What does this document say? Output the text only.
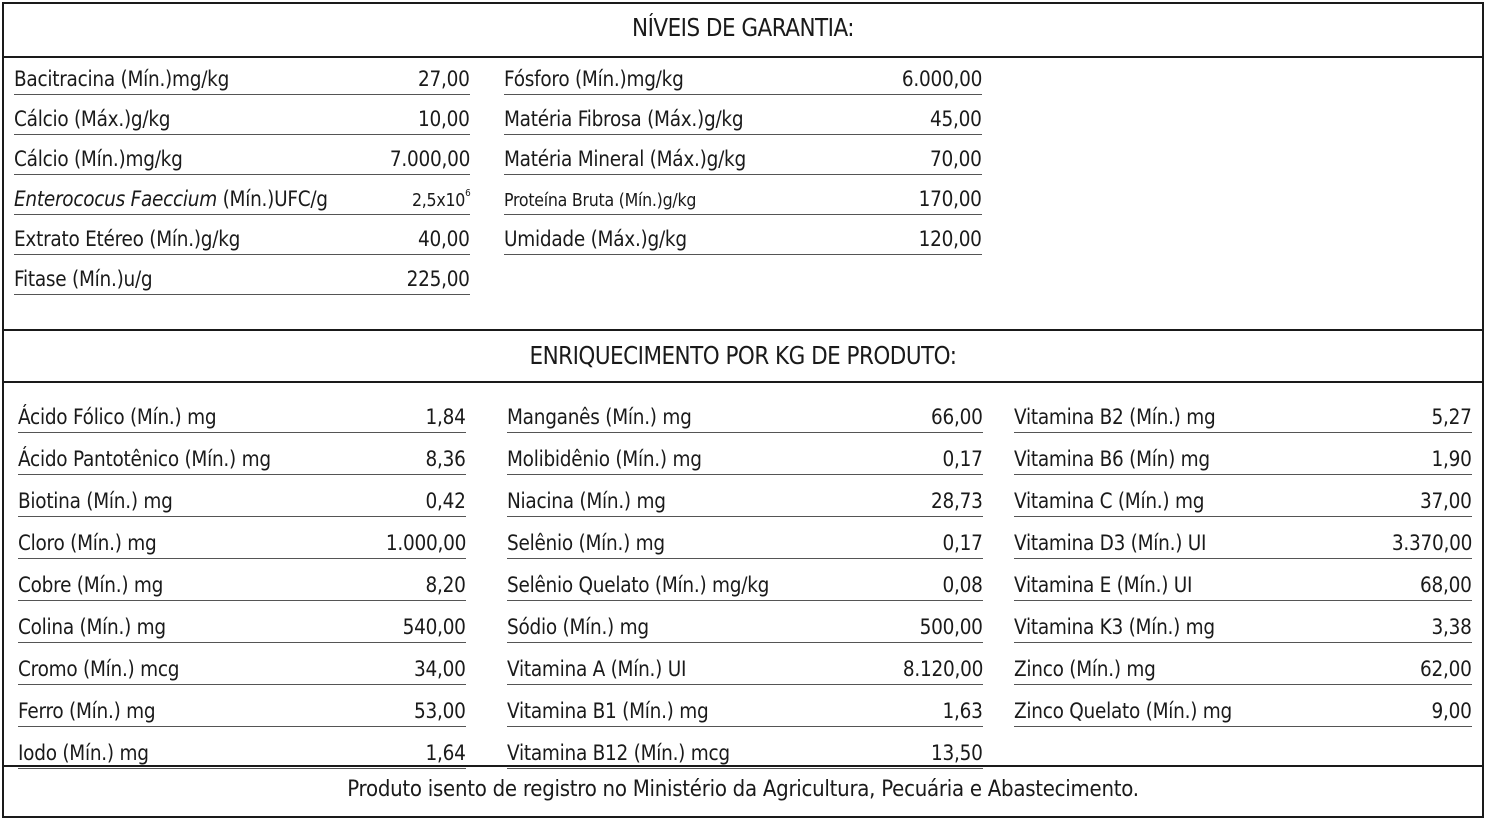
NÍVEIS DE GARANTIA:
Bacitracina (Mín.)mg/kg	27,00
Cálcio (Máx.)g/kg	10,00
Cálcio (Mín.)mg/kg	7.000,00
Enterococus Faeccium (Mín.)UFC/g	$2,5x10^6$
Extrato Etéreo (Mín.)g/kg	40,00
Fitase (Mín.)u/g	225,00
Fósforo (Mín.)mg/kg	6.000,00
Matéria Fibrosa (Máx.)g/kg	45,00
Matéria Mineral (Máx.)g/kg	70,00
Proteína Bruta (Mín.)g/kg	170,00
Umidade (Máx.)g/kg	120,00
ENRIQUECIMENTO POR KG DE PRODUTO:
Ácido Fólico (Mín.) mg	1,84
Ácido Pantotênico (Mín.) mg	8,36
Biotina (Mín.) mg	0,42
Cloro (Mín.) mg	1.000,00
Cobre (Mín.) mg	8,20
Colina (Mín.) mg	540,00
Cromo (Mín.) mcg	34,00
Ferro (Mín.) mg	53,00
Iodo (Mín.) mg	1,64
Manganês (Mín.) mg	66,00
Molibidênio (Mín.) mg	0,17
Niacina (Mín.) mg	28,73
Selênio (Mín.) mg	0,17
Selênio Quelato (Mín.) mg/kg	0,08
Sódio (Mín.) mg	500,00
Vitamina A (Mín.) UI	8.120,00
Vitamina B1 (Mín.) mg	1,63
Vitamina B12 (Mín.) mcg	13,50
Vitamina B2 (Mín.) mg	5,27
Vitamina B6 (Mín) mg	1,90
Vitamina C (Mín.) mg	37,00
Vitamina D3 (Mín.) UI	3.370,00
Vitamina E (Mín.) UI	68,00
Vitamina K3 (Mín.) mg	3,38
Zinco (Mín.) mg	62,00
Zinco Quelato (Mín.) mg	9,00
Produto isento de registro no Ministério da Agricultura, Pecuária e Abastecimento.
